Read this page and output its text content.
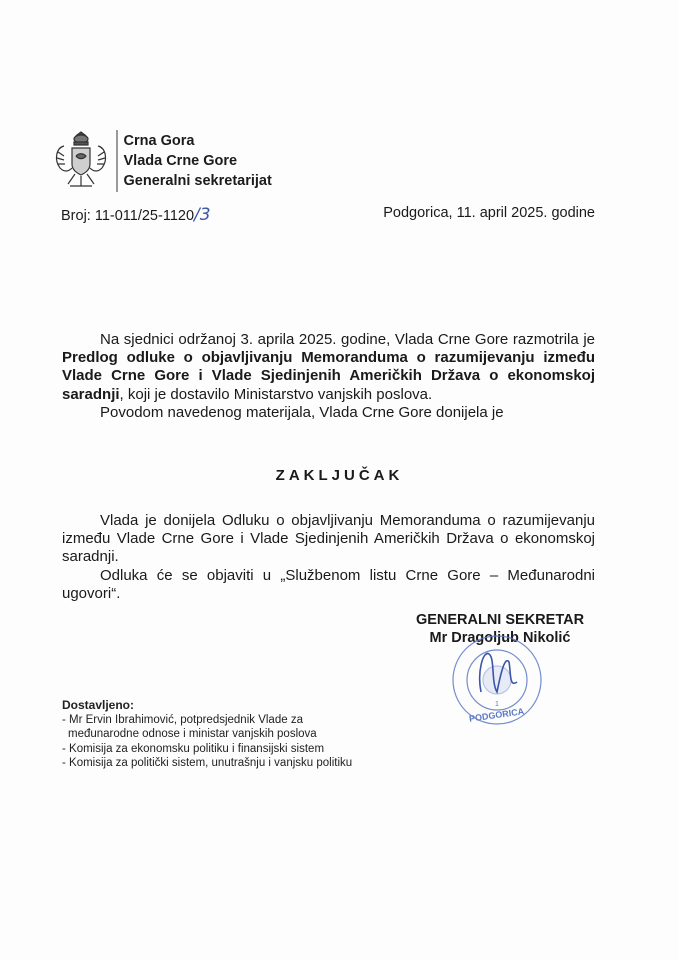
Crna Gora
Vlada Crne Gore
Generalni sekretarijat
Broj: 11-011/25-1120/3	Podgorica, 11. april 2025. godine

Na sjednici održanoj 3. aprila 2025. godine, Vlada Crne Gore razmotrila je Predlog odluke o objavljivanju Memoranduma o razumijevanju između Vlade Crne Gore i Vlade Sjedinjenih Američkih Država o ekonomskoj saradnji, koji je dostavilo Ministarstvo vanjskih poslova.

Povodom navedenog materijala, Vlada Crne Gore donijela je

ZAKLJUČAK

Vlada je donijela Odluku o objavljivanju Memoranduma o razumijevanju između Vlade Crne Gore i Vlade Sjedinjenih Američkih Država o ekonomskoj saradnji.

Odluka će se objaviti u „Službenom listu Crne Gore – Međunarodni ugovori“.

GENERALNI SEKRETAR
Mr Dragoljub Nikolić
PODGORICA
1
Dostavljeno:
- Mr Ervin Ibrahimović, potpredsjednik Vlade za
međunarodne odnose i ministar vanjskih poslova
- Komisija za ekonomsku politiku i finansijski sistem
- Komisija za politički sistem, unutrašnju i vanjsku politiku
